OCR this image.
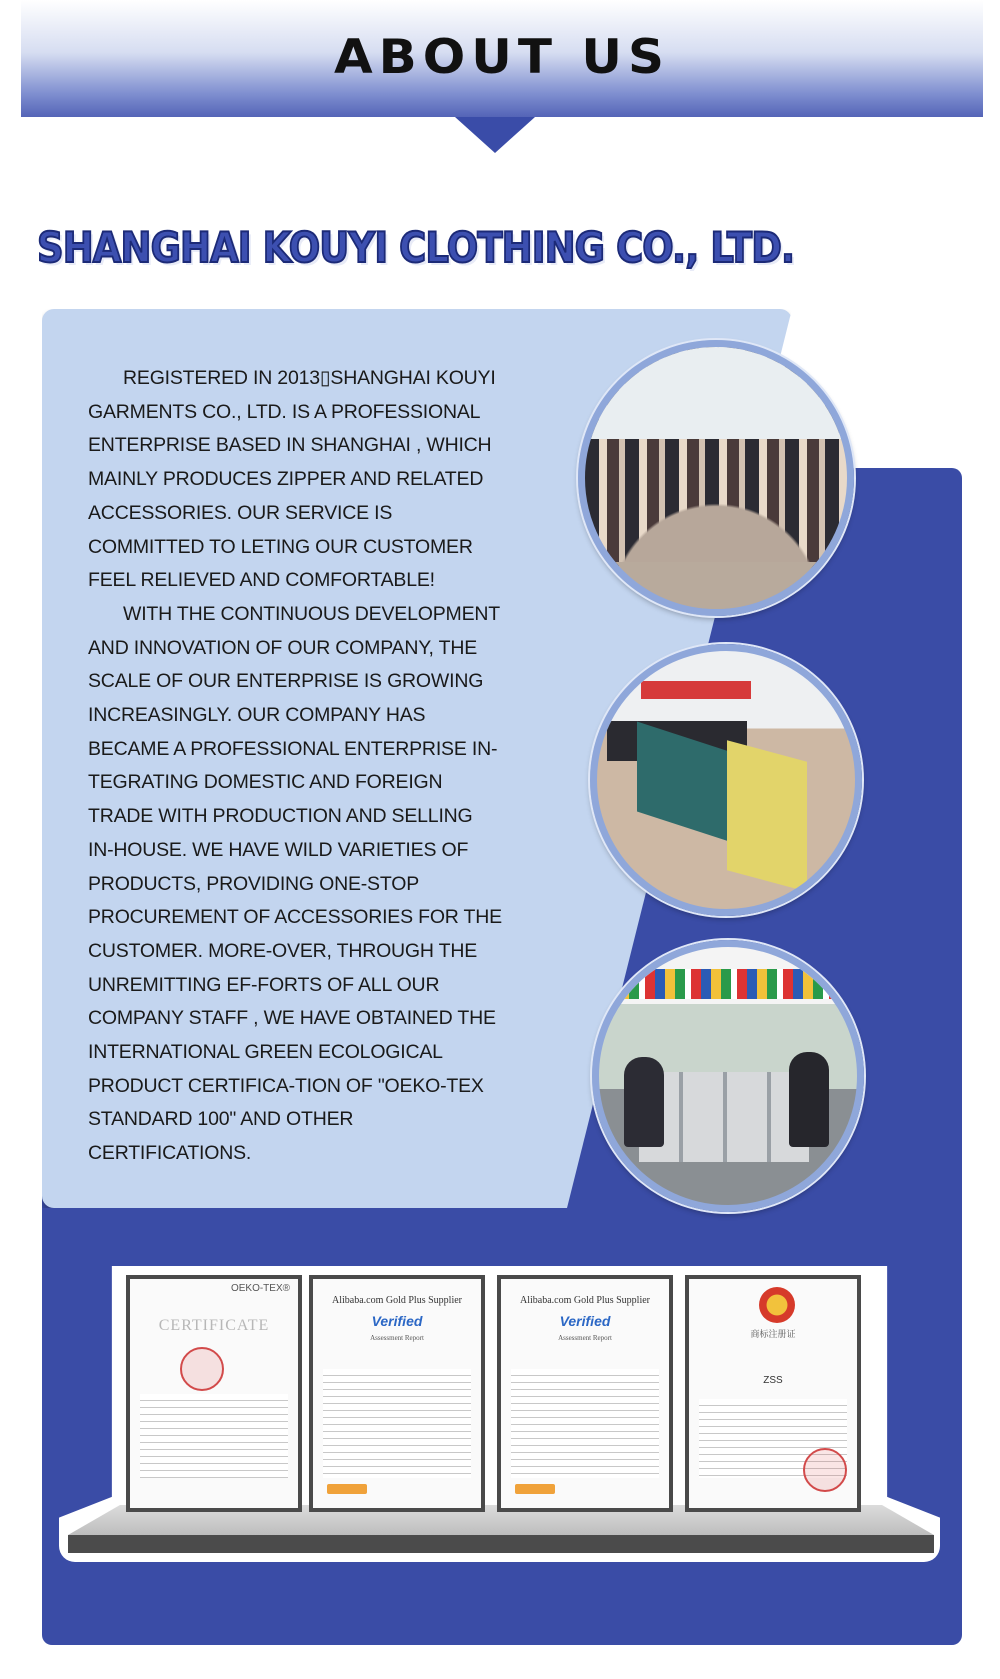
ABOUT US
SHANGHAI KOUYI CLOTHING CO., LTD.

REGISTERED IN 2013▯SHANGHAI KOUYI GARMENTS CO., LTD. IS A PROFESSIONAL ENTERPRISE BASED IN SHANGHAI , WHICH MAINLY PRODUCES ZIPPER AND RELATED ACCESSORIES. OUR SERVICE IS COMMITTED TO LETING OUR CUSTOMER FEEL RELIEVED AND COMFORTABLE!

WITH THE CONTINUOUS DEVELOPMENT AND INNOVATION OF OUR COMPANY, THE SCALE OF OUR ENTERPRISE IS GROWING INCREASINGLY. OUR COMPANY HAS BECAME A PROFESSIONAL ENTERPRISE IN-TEGRATING DOMESTIC AND FOREIGN TRADE WITH PRODUCTION AND SELLING IN-HOUSE. WE HAVE WILD VARIETIES OF PRODUCTS, PROVIDING ONE-STOP PROCUREMENT OF ACCESSORIES FOR THE CUSTOMER. MORE-OVER, THROUGH THE UNREMITTING EF-FORTS OF ALL OUR COMPANY STAFF , WE HAVE OBTAINED THE INTERNATIONAL GREEN ECOLOGICAL PRODUCT CERTIFICA-TION OF "OEKO-TEX STANDARD 100" AND OTHER CERTIFICATIONS.

OEKO-TEX®
CERTIFICATE
Alibaba.com Gold Plus Supplier
Verified
Assessment Report
Alibaba.com Gold Plus Supplier
Verified
Assessment Report	商标注册证
ZSS
